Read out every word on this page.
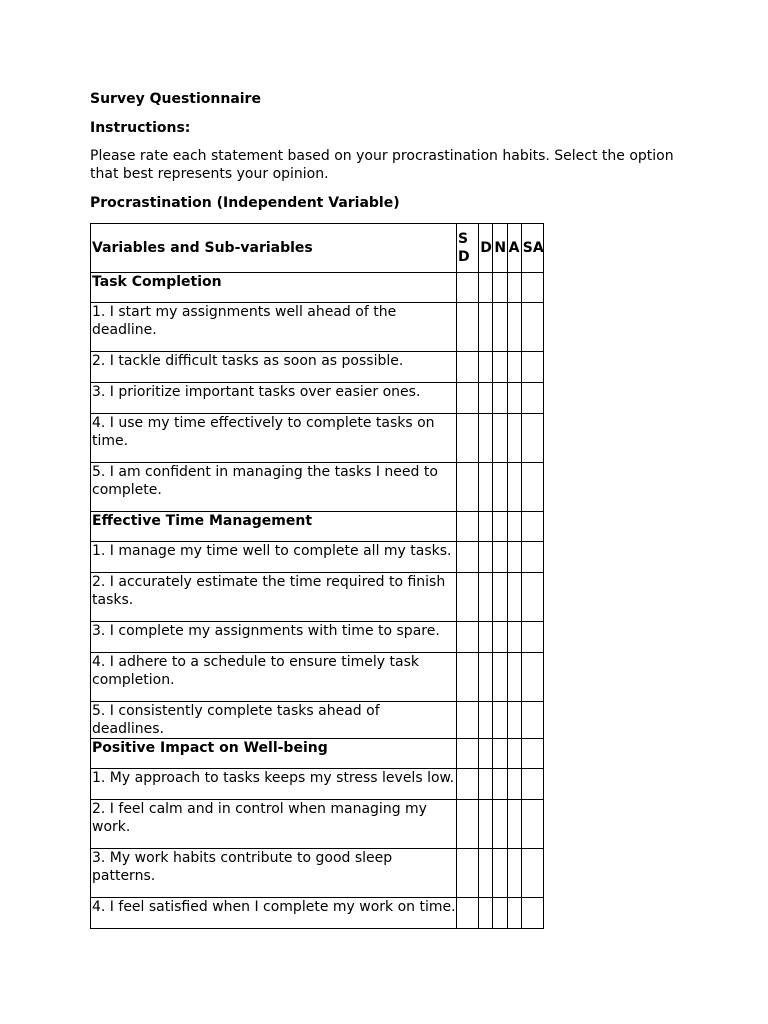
Survey Questionnaire

Instructions:

Please rate each statement based on your procrastination habits. Select the option that best represents your opinion.

Procrastination (Independent Variable)

Variables and Sub-variables	SD	D	N	A	SA
Task Completion					
1. I start my assignments well ahead of the deadline.					
2. I tackle difficult tasks as soon as possible.					
3. I prioritize important tasks over easier ones.					
4. I use my time effectively to complete tasks on time.					
5. I am confident in managing the tasks I need to complete.					
Effective Time Management					
1. I manage my time well to complete all my tasks.					
2. I accurately estimate the time required to finish tasks.					
3. I complete my assignments with time to spare.					
4. I adhere to a schedule to ensure timely task completion.					
5. I consistently complete tasks ahead of deadlines.					
Positive Impact on Well-being					
1. My approach to tasks keeps my stress levels low.					
2. I feel calm and in control when managing my work.					
3. My work habits contribute to good sleep patterns.					
4. I feel satisfied when I complete my work on time.					
